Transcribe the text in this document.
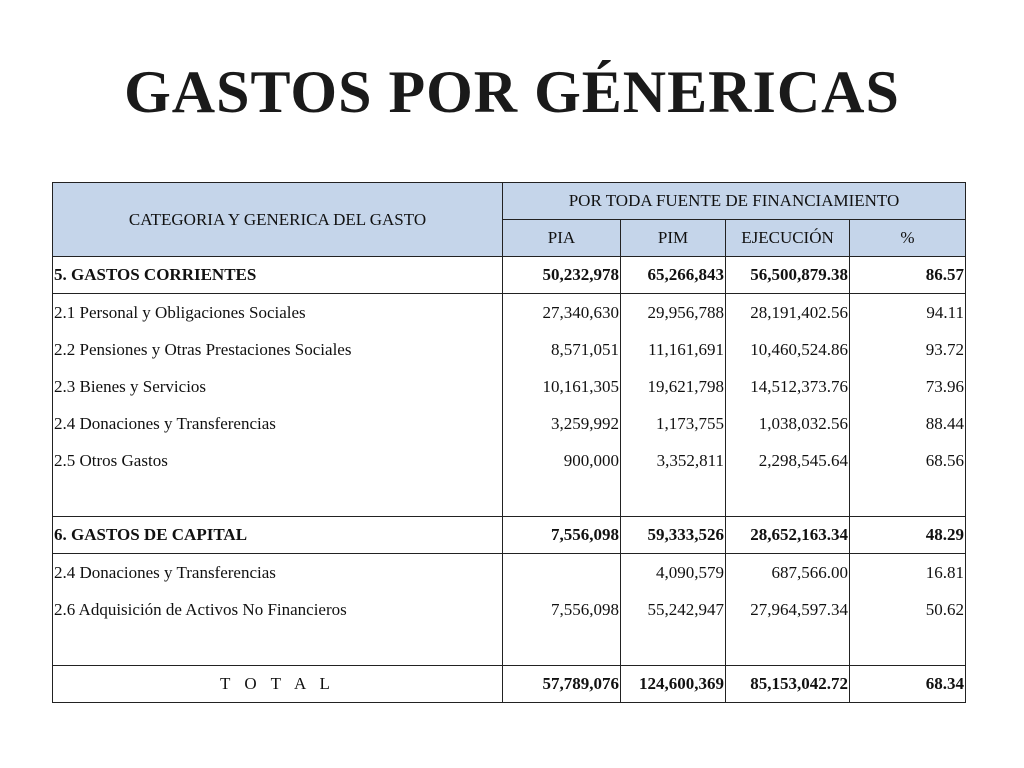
GASTOS POR GÉNERICAS
CATEGORIA Y GENERICA DEL GASTO	POR TODA FUENTE DE FINANCIAMIENTO			
	PIA	PIM	EJECUCIÓN	%
5. GASTOS CORRIENTES	50,232,978	65,266,843	56,500,879.38	86.57
2.1 Personal y Obligaciones Sociales	27,340,630	29,956,788	28,191,402.56	94.11
2.2 Pensiones y Otras Prestaciones Sociales	8,571,051	11,161,691	10,460,524.86	93.72
2.3 Bienes y Servicios	10,161,305	19,621,798	14,512,373.76	73.96
2.4 Donaciones y Transferencias	3,259,992	1,173,755	1,038,032.56	88.44
2.5 Otros Gastos	900,000	3,352,811	2,298,545.64	68.56

6. GASTOS DE CAPITAL	7,556,098	59,333,526	28,652,163.34	48.29
2.4 Donaciones y Transferencias		4,090,579	687,566.00	16.81
2.6 Adquisición de Activos No Financieros	7,556,098	55,242,947	27,964,597.34	50.62

T O T A L	57,789,076	124,600,369	85,153,042.72	68.34
